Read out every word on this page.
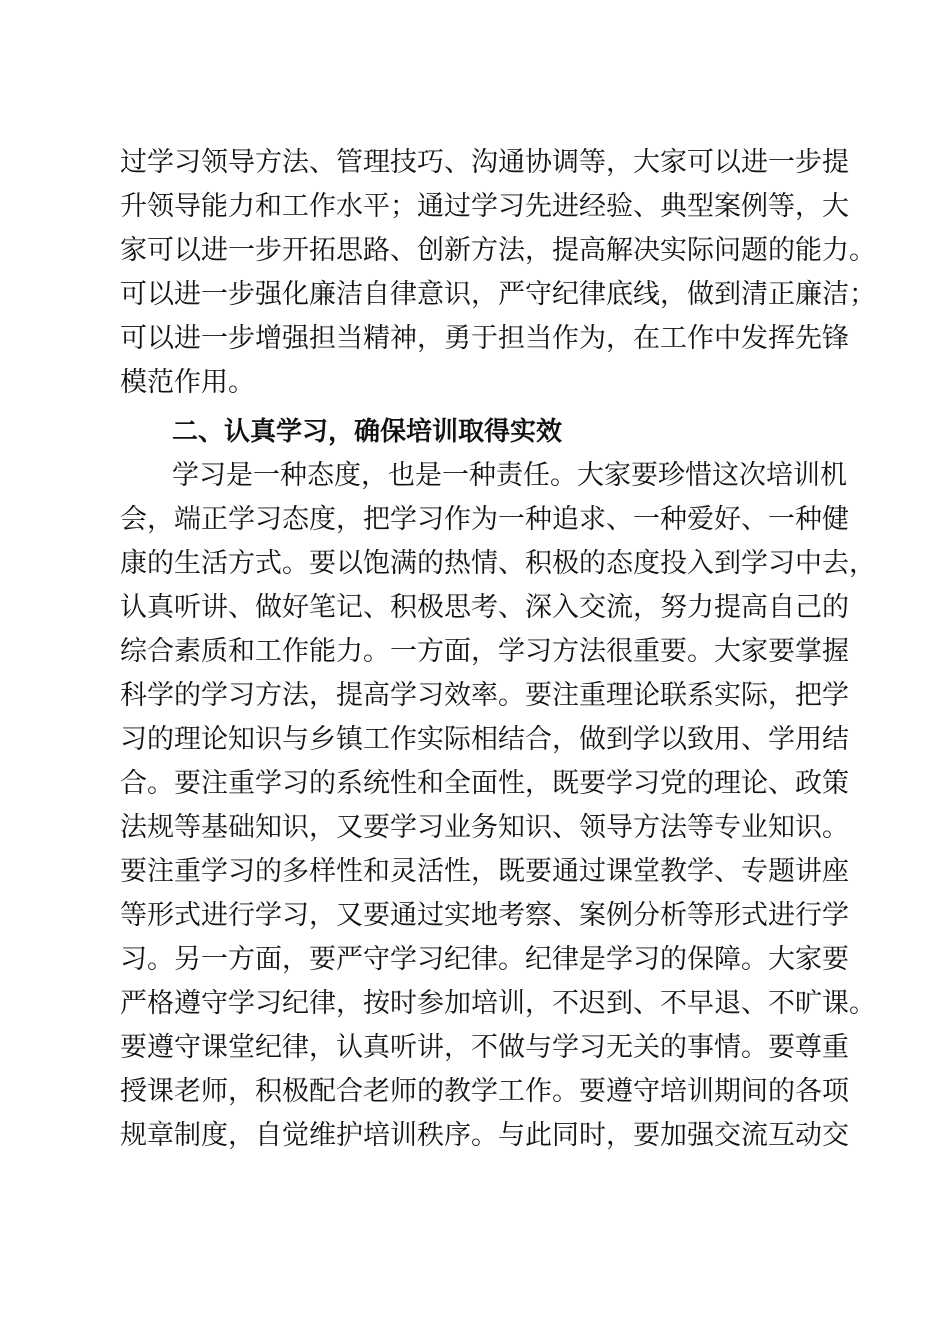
过学习领导方法、管理技巧、沟通协调等，大家可以进一步提
升领导能力和工作水平；通过学习先进经验、典型案例等，大
家可以进一步开拓思路、创新方法，提高解决实际问题的能力。
可以进一步强化廉洁自律意识，严守纪律底线，做到清正廉洁；
可以进一步增强担当精神，勇于担当作为，在工作中发挥先锋
模范作用。
二、认真学习，确保培训取得实效
学习是一种态度，也是一种责任。大家要珍惜这次培训机
会，端正学习态度，把学习作为一种追求、一种爱好、一种健
康的生活方式。要以饱满的热情、积极的态度投入到学习中去，
认真听讲、做好笔记、积极思考、深入交流，努力提高自己的
综合素质和工作能力。一方面，学习方法很重要。大家要掌握
科学的学习方法，提高学习效率。要注重理论联系实际，把学
习的理论知识与乡镇工作实际相结合，做到学以致用、学用结
合。要注重学习的系统性和全面性，既要学习党的理论、政策
法规等基础知识，又要学习业务知识、领导方法等专业知识。
要注重学习的多样性和灵活性，既要通过课堂教学、专题讲座
等形式进行学习，又要通过实地考察、案例分析等形式进行学
习。另一方面，要严守学习纪律。纪律是学习的保障。大家要
严格遵守学习纪律，按时参加培训，不迟到、不早退、不旷课。
要遵守课堂纪律，认真听讲，不做与学习无关的事情。要尊重
授课老师，积极配合老师的教学工作。要遵守培训期间的各项
规章制度，自觉维护培训秩序。与此同时，要加强交流互动交
